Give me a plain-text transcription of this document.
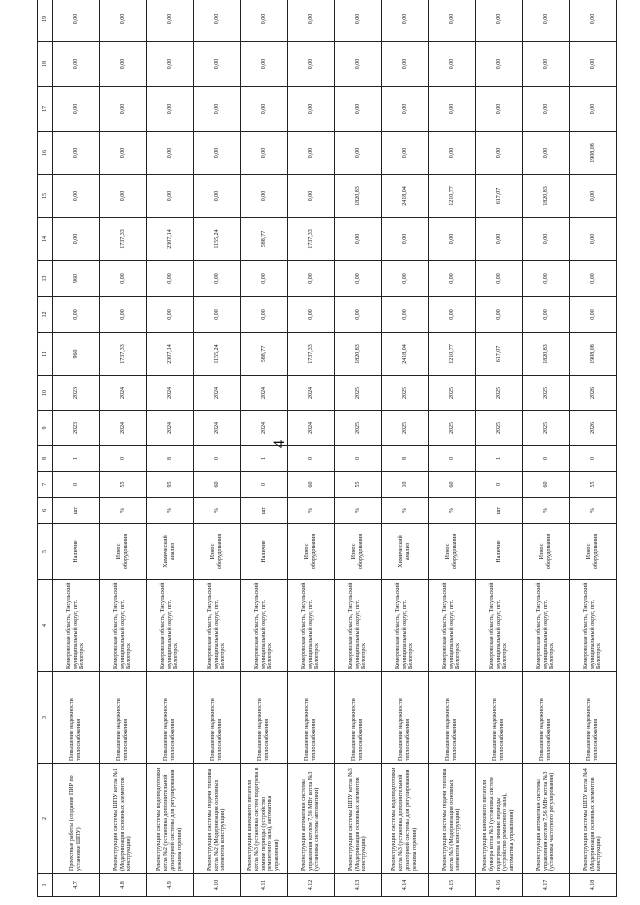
4
1	2	3	4	5	6	7	8	9	10	11	12	13	14	15	16	17	18	19
4.7	Проектные работы (создание ПИР по установке ШПУ)	Повышение надежности теплоснабжения	Кемеровская область, Тисульский муниципальный округ, пгт. Белогорск	Наличие	шт	0	1	2023	2023	960	0,00	960	0,00	0,00	0,00	0,00	0,00	0,00
4.8	Реконструкция системы ШПУ котла №1 (Модернизация основных элементов конструкции)	Повышение надежности теплоснабжения	Кемеровская область, Тисульский муниципальный округ, пгт. Белогорск	Износ оборудования	%	55	0	2024	2024	1737,33	0,00	0,00	1737,33	0,00	0,00	0,00	0,00	0,00
4.9	Реконструкция системы водоподготовки котла №2 (установка дополнительной дозаторной системы для регулирования режима горения)	Повышение надежности теплоснабжения	Кемеровская область, Тисульский муниципальный округ, пгт. Белогорск	Химический анализ	%	95	8	2024	2024	2307,14	0,00	0,00	2307,14	0,00	0,00	0,00	0,00	0,00
4.10	Реконструкция системы подачи топлива котла №2 (Модернизация основных элементов конструкции)	Повышение надежности теплоснабжения	Кемеровская область, Тисульский муниципальный округ, пгт. Белогорск	Износ оборудования	%	60	0	2024	2024	1155,24	0,00	0,00	1155,24	0,00	0,00	0,00	0,00	0,00
4.11	Реконструкция шнекового питателя котла №3 (установка систем подогрева в зимние периоды (устройство ремонтного зала), автоматика управления)	Повышение надежности теплоснабжения	Кемеровская область, Тисульский муниципальный округ, пгт. Белогорск	Наличие	шт	0	1	2024	2024	588,77	0,00	0,00	588,77	0,00	0,00	0,00	0,00	0,00
4.12	Реконструкция автоматики системы управления котлом 7,56 МВт котла №3 (установка системы автоматики)	Повышение надежности теплоснабжения	Кемеровская область, Тисульский муниципальный округ, пгт. Белогорск	Износ оборудования	%	60	0	2024	2024	1737,33	0,00	0,00	1737,33	0,00	0,00	0,00	0,00	0,00
4.13	Реконструкция системы ШПУ котла №3 (Модернизация основных элементов конструкции)	Повышение надежности теплоснабжения	Кемеровская область, Тисульский муниципальный округ, пгт. Белогорск	Износ оборудования	%	55	0	2025	2025	1820,83	0,00	0,00	0,00	1820,83	0,00	0,00	0,00	0,00
4.14	Реконструкция системы водоподготовки котла №3 (установка дополнительной дозаторной системы для регулирования режима горения)	Повышение надежности теплоснабжения	Кемеровская область, Тисульский муниципальный округ, пгт. Белогорск	Химический анализ	%	10	8	2025	2025	2418,04	0,00	0,00	0,00	2418,04	0,00	0,00	0,00	0,00
4.15	Реконструкция системы подачи топлива котла №3 (Модернизация основных элементов конструкции)	Повышение надежности теплоснабжения	Кемеровская область, Тисульский муниципальный округ, пгт. Белогорск	Износ оборудования	%	60	0	2025	2025	1210,77	0,00	0,00	0,00	1210,77	0,00	0,00	0,00	0,00
4.16	Реконструкция шнекового питателя бункера котла №3 (установка систем подогрева в зимние периоды (устройство ремонтного зала), автоматика управления)	Повышение надежности теплоснабжения	Кемеровская область, Тисульский муниципальный округ, пгт. Белогорск	Наличие	шт	0	1	2025	2025	617,07	0,00	0,00	0,00	617,07	0,00	0,00	0,00	0,00
4.17	Реконструкция автоматики системы управления котлом 7,56 МВт котла №3 (установка частотного регулирования)	Повышение надежности теплоснабжения	Кемеровская область, Тисульский муниципальный округ, пгт. Белогорск	Износ оборудования	%	60	0	2025	2025	1820,83	0,00	0,00	0,00	1820,83	0,00	0,00	0,00	0,00
4.18	Реконструкция системы ШПУ котла №4 (Модернизация основных элементов конструкции)	Повышение надежности теплоснабжения	Кемеровская область, Тисульский муниципальный округ, пгт. Белогорск	Износ оборудования	%	55	0	2026	2026	1908,08	0,00	0,00	0,00	0,00	1908,08	0,00	0,00	0,00
